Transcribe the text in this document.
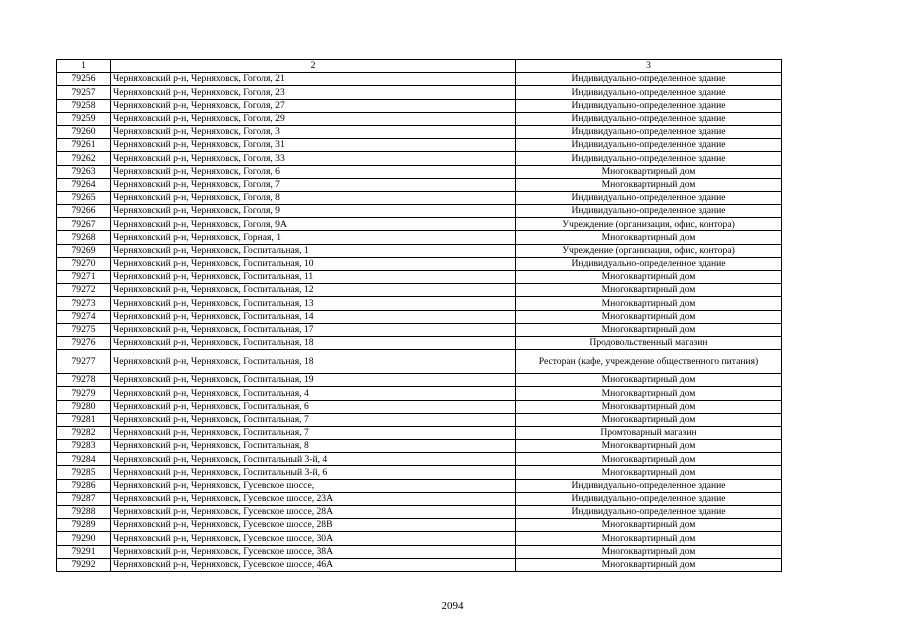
1	2	3
79256	Черняховский р-н, Черняховск, Гоголя, 21	Индивидуально-определенное здание
79257	Черняховский р-н, Черняховск, Гоголя, 23	Индивидуально-определенное здание
79258	Черняховский р-н, Черняховск, Гоголя, 27	Индивидуально-определенное здание
79259	Черняховский р-н, Черняховск, Гоголя, 29	Индивидуально-определенное здание
79260	Черняховский р-н, Черняховск, Гоголя, 3	Индивидуально-определенное здание
79261	Черняховский р-н, Черняховск, Гоголя, 31	Индивидуально-определенное здание
79262	Черняховский р-н, Черняховск, Гоголя, 33	Индивидуально-определенное здание
79263	Черняховский р-н, Черняховск, Гоголя, 6	Многоквартирный дом
79264	Черняховский р-н, Черняховск, Гоголя, 7	Многоквартирный дом
79265	Черняховский р-н, Черняховск, Гоголя, 8	Индивидуально-определенное здание
79266	Черняховский р-н, Черняховск, Гоголя, 9	Индивидуально-определенное здание
79267	Черняховский р-н, Черняховск, Гоголя, 9А	Учреждение (организация, офис, контора)
79268	Черняховский р-н, Черняховск, Горная, 1	Многоквартирный дом
79269	Черняховский р-н, Черняховск, Госпитальная, 1	Учреждение (организация, офис, контора)
79270	Черняховский р-н, Черняховск, Госпитальная, 10	Индивидуально-определенное здание
79271	Черняховский р-н, Черняховск, Госпитальная, 11	Многоквартирный дом
79272	Черняховский р-н, Черняховск, Госпитальная, 12	Многоквартирный дом
79273	Черняховский р-н, Черняховск, Госпитальная, 13	Многоквартирный дом
79274	Черняховский р-н, Черняховск, Госпитальная, 14	Многоквартирный дом
79275	Черняховский р-н, Черняховск, Госпитальная, 17	Многоквартирный дом
79276	Черняховский р-н, Черняховск, Госпитальная, 18	Продовольственный магазин
79277	Черняховский р-н, Черняховск, Госпитальная, 18	Ресторан (кафе, учреждение общественного питания)
79278	Черняховский р-н, Черняховск, Госпитальная, 19	Многоквартирный дом
79279	Черняховский р-н, Черняховск, Госпитальная, 4	Многоквартирный дом
79280	Черняховский р-н, Черняховск, Госпитальная, 6	Многоквартирный дом
79281	Черняховский р-н, Черняховск, Госпитальная, 7	Многоквартирный дом
79282	Черняховский р-н, Черняховск, Госпитальная, 7	Промтоварный магазин
79283	Черняховский р-н, Черняховск, Госпитальная, 8	Многоквартирный дом
79284	Черняховский р-н, Черняховск, Госпитальный 3-й, 4	Многоквартирный дом
79285	Черняховский р-н, Черняховск, Госпитальный 3-й, 6	Многоквартирный дом
79286	Черняховский р-н, Черняховск, Гусевское шоссе,	Индивидуально-определенное здание
79287	Черняховский р-н, Черняховск, Гусевское шоссе, 23А	Индивидуально-определенное здание
79288	Черняховский р-н, Черняховск, Гусевское шоссе, 28А	Индивидуально-определенное здание
79289	Черняховский р-н, Черняховск, Гусевское шоссе, 28В	Многоквартирный дом
79290	Черняховский р-н, Черняховск, Гусевское шоссе, 30А	Многоквартирный дом
79291	Черняховский р-н, Черняховск, Гусевское шоссе, 38А	Многоквартирный дом
79292	Черняховский р-н, Черняховск, Гусевское шоссе, 46А	Многоквартирный дом
2094
